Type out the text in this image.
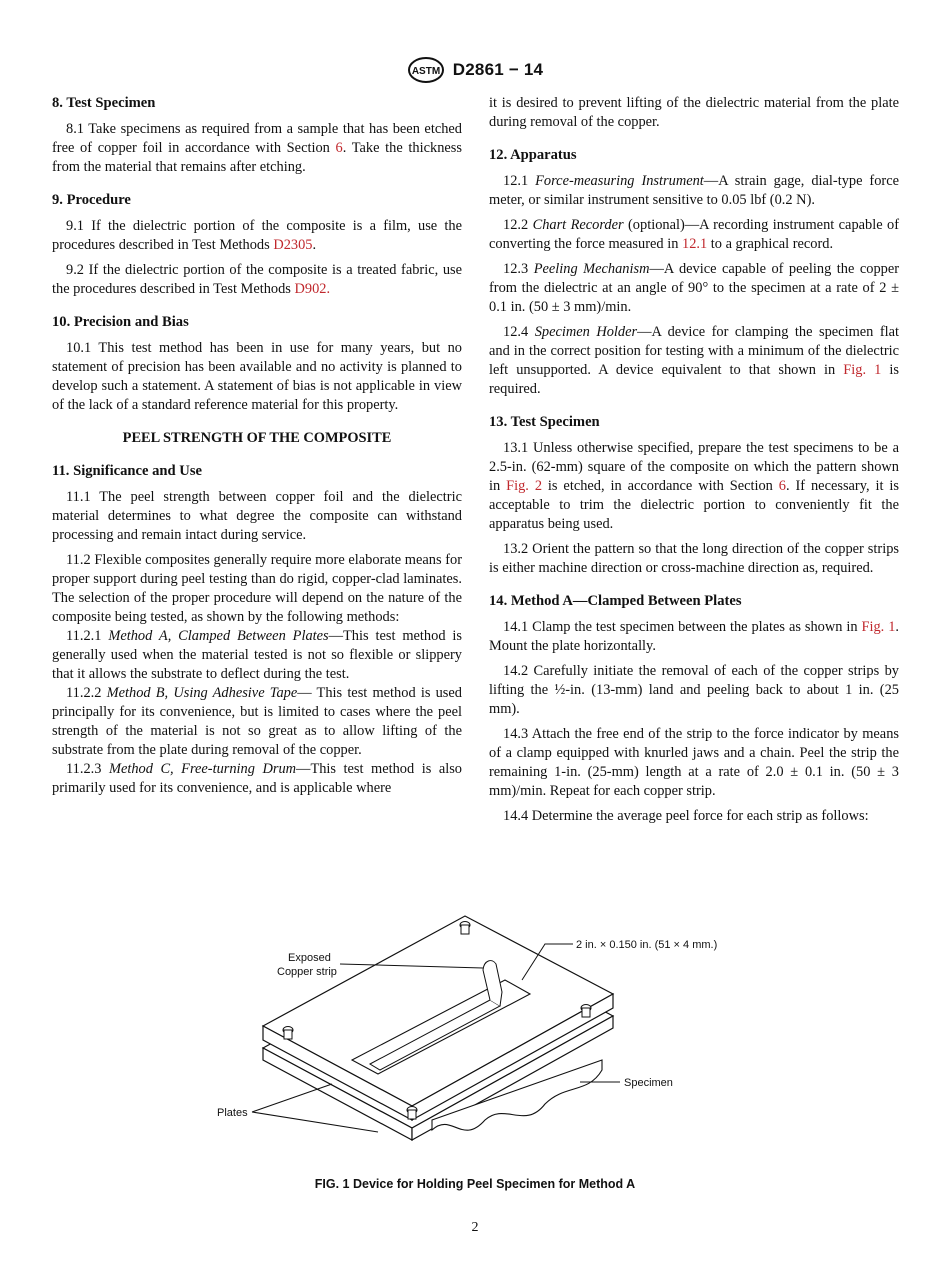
ASTM D2861 − 14
8. Test Specimen

8.1 Take specimens as required from a sample that has been etched free of copper foil in accordance with Section 6. Take the thickness from the material that remains after etching.

9. Procedure

9.1 If the dielectric portion of the composite is a film, use the procedures described in Test Methods D2305.

9.2 If the dielectric portion of the composite is a treated fabric, use the procedures described in Test Methods D902.

10. Precision and Bias

10.1 This test method has been in use for many years, but no statement of precision has been available and no activity is planned to develop such a statement. A statement of bias is not applicable in view of the lack of a standard reference material for this property.

PEEL STRENGTH OF THE COMPOSITE
11. Significance and Use

11.1 The peel strength between copper foil and the dielectric material determines to what degree the composite can withstand processing and remain intact during service.

11.2 Flexible composites generally require more elaborate means for proper support during peel testing than do rigid, copper-clad laminates. The selection of the proper procedure will depend on the nature of the composite being tested, as shown by the following methods:

11.2.1 Method A, Clamped Between Plates—This test method is generally used when the material tested is not so flexible or slippery that it allows the substrate to deflect during the test.

11.2.2 Method B, Using Adhesive Tape— This test method is used principally for its convenience, but is limited to cases where the peel strength of the material is not so great as to allow lifting of the substrate from the plate during removal of the copper.

11.2.3 Method C, Free-turning Drum—This test method is also primarily used for its convenience, and is applicable where

it is desired to prevent lifting of the dielectric material from the plate during removal of the copper.

12. Apparatus

12.1 Force-measuring Instrument—A strain gage, dial-type force meter, or similar instrument sensitive to 0.05 lbf (0.2 N).

12.2 Chart Recorder (optional)—A recording instrument capable of converting the force measured in 12.1 to a graphical record.

12.3 Peeling Mechanism—A device capable of peeling the copper from the dielectric at an angle of 90° to the specimen at a rate of 2 ± 0.1 in. (50 ± 3 mm)/min.

12.4 Specimen Holder—A device for clamping the specimen flat and in the correct position for testing with a minimum of the dielectric left unsupported. A device equivalent to that shown in Fig. 1 is required.

13. Test Specimen

13.1 Unless otherwise specified, prepare the test specimens to be a 2.5-in. (62-mm) square of the composite on which the pattern shown in Fig. 2 is etched, in accordance with Section 6. If necessary, it is acceptable to trim the dielectric portion to conveniently fit the apparatus being used.

13.2 Orient the pattern so that the long direction of the copper strips is either machine direction or cross-machine direction as, required.

14. Method A—Clamped Between Plates

14.1 Clamp the test specimen between the plates as shown in Fig. 1. Mount the plate horizontally.

14.2 Carefully initiate the removal of each of the copper strips by lifting the ½-in. (13-mm) land and peeling back to about 1 in. (25 mm).

14.3 Attach the free end of the strip to the force indicator by means of a clamp equipped with knurled jaws and a chain. Peel the strip the remaining 1-in. (25-mm) length at a rate of 2.0 ± 0.1 in. (50 ± 3 mm)/min. Repeat for each copper strip.

14.4 Determine the average peel force for each strip as follows:

Exposed
Copper strip
2 in. × 0.150 in. (51 × 4 mm.)
Specimen
Plates
FIG. 1 Device for Holding Peel Specimen for Method A
2
